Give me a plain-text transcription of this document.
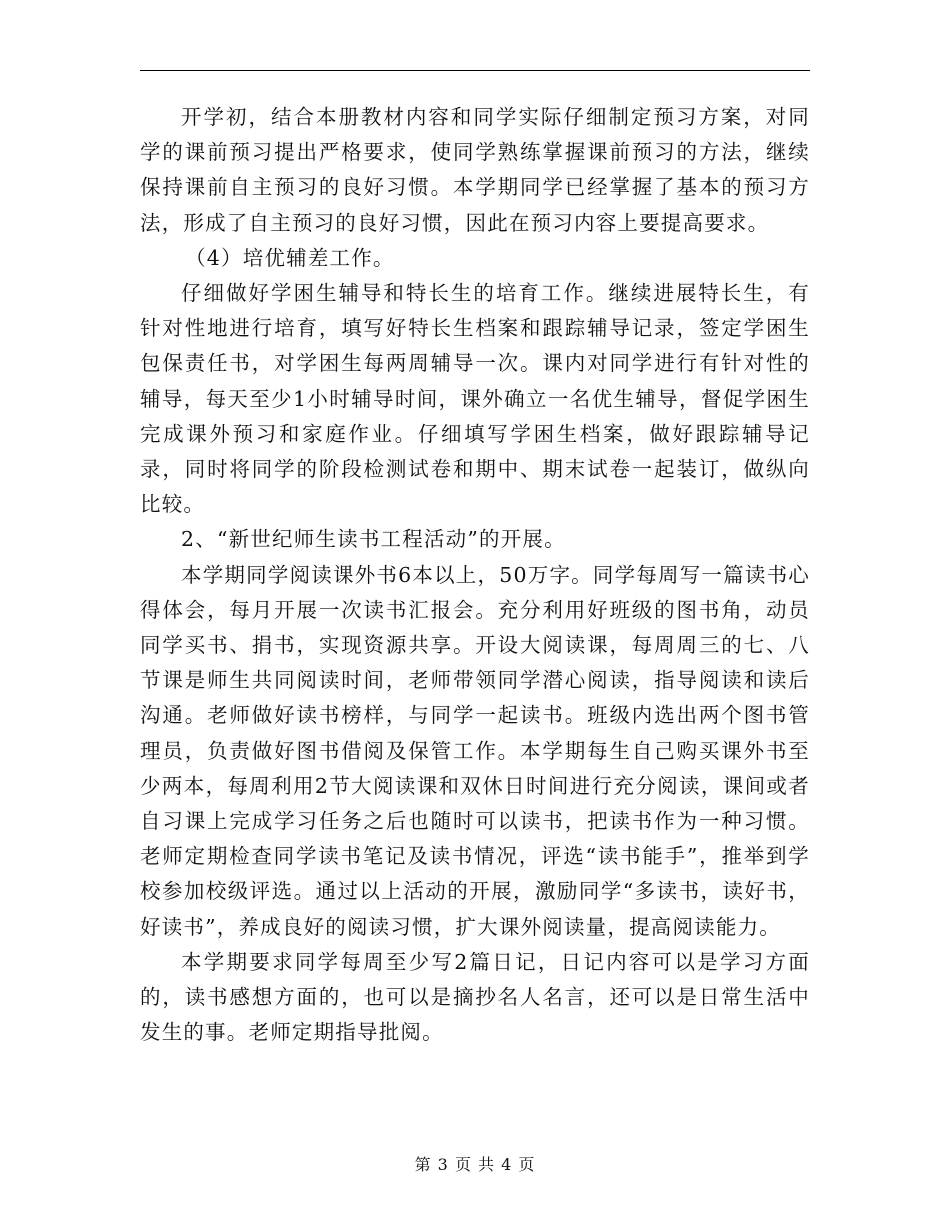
开学初，结合本册教材内容和同学实际仔细制定预习方案，对同学的课前预习提出严格要求，使同学熟练掌握课前预习的方法，继续保持课前自主预习的良好习惯。本学期同学已经掌握了基本的预习方法，形成了自主预习的良好习惯，因此在预习内容上要提高要求。

（4）培优辅差工作。

仔细做好学困生辅导和特长生的培育工作。继续进展特长生，有针对性地进行培育，填写好特长生档案和跟踪辅导记录，签定学困生包保责任书，对学困生每两周辅导一次。课内对同学进行有针对性的辅导，每天至少1小时辅导时间，课外确立一名优生辅导，督促学困生完成课外预习和家庭作业。仔细填写学困生档案，做好跟踪辅导记录，同时将同学的阶段检测试卷和期中、期末试卷一起装订，做纵向比较。

2、“新世纪师生读书工程活动”的开展。

本学期同学阅读课外书6本以上，50万字。同学每周写一篇读书心得体会，每月开展一次读书汇报会。充分利用好班级的图书角，动员同学买书、捐书，实现资源共享。开设大阅读课，每周周三的七、八节课是师生共同阅读时间，老师带领同学潜心阅读，指导阅读和读后沟通。老师做好读书榜样，与同学一起读书。班级内选出两个图书管理员，负责做好图书借阅及保管工作。本学期每生自己购买课外书至少两本，每周利用2节大阅读课和双休日时间进行充分阅读，课间或者自习课上完成学习任务之后也随时可以读书，把读书作为一种习惯。老师定期检查同学读书笔记及读书情况，评选“读书能手”，推举到学校参加校级评选。通过以上活动的开展，激励同学“多读书，读好书，好读书”，养成良好的阅读习惯，扩大课外阅读量，提高阅读能力。

本学期要求同学每周至少写2篇日记，日记内容可以是学习方面的，读书感想方面的，也可以是摘抄名人名言，还可以是日常生活中发生的事。老师定期指导批阅。

第 3 页 共 4 页
